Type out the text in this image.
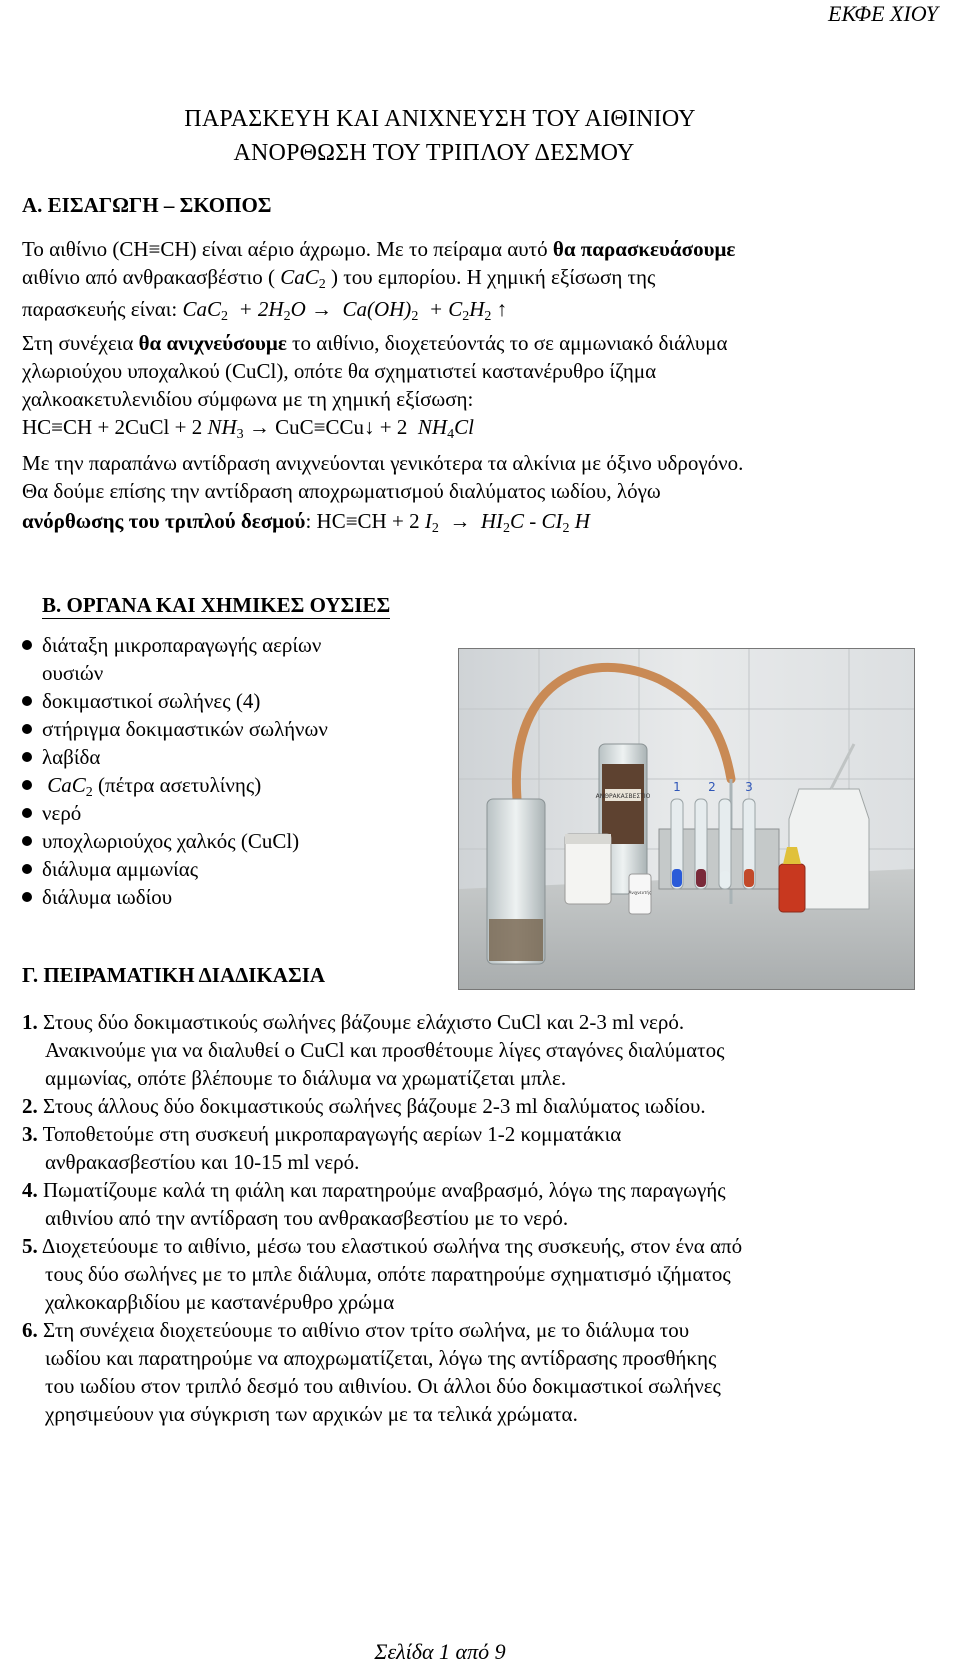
ΕΚΦΕ ΧΙΟΥ
ΠΑΡΑΣΚΕΥΗ ΚΑΙ ΑΝΙΧΝΕΥΣΗ ΤΟΥ ΑΙΘΙΝΙΟΥ
ΑΝΟΡΘΩΣΗ ΤΟΥ ΤΡΙΠΛΟΥ ΔΕΣΜΟΥ
Α. ΕΙΣΑΓΩΓΗ – ΣΚΟΠΟΣ
Το αιθίνιο (CH≡CH) είναι αέριο άχρωμο. Με το πείραμα αυτό θα παρασκευάσουμε
αιθίνιο από ανθρακασβέστιο ( CaC$_2$ ) του εμπορίου. Η χημική εξίσωση της
παρασκευής είναι: $CaC_2 + 2H_2O \to Ca(OH)_2 + C_2H_2$ ↑
Στη συνέχεια θα ανιχνεύσουμε το αιθίνιο, διοχετεύοντάς το σε αμμωνιακό διάλυμα
χλωριούχου υποχαλκού (CuCl), οπότε θα σχηματιστεί καστανέρυθρο ίζημα
χαλκοακετυλενιδίου σύμφωνα με τη χημική εξίσωση:
HC≡CH + 2CuCl + 2 $NH_3$ → CuC≡CCu↓ + 2  $NH_4Cl$
Με την παραπάνω αντίδραση ανιχνεύονται γενικότερα τα αλκίνια με όξινο υδρογόνο.
Θα δούμε επίσης την αντίδραση αποχρωματισμού διαλύματος ιωδίου, λόγω
ανόρθωσης του τριπλού δεσμού: HC≡CH + 2 $I_2 \to HI_2C - CI_2$ H
Β. ΟΡΓΑΝΑ ΚΑΙ ΧΗΜΙΚΕΣ ΟΥΣΙΕΣ
διάταξη μικροπαραγωγής αερίων
ουσιών
δοκιμαστικοί σωλήνες (4)
στήριγμα δοκιμαστικών σωλήνων
λαβίδα
CaC$_2$ (πέτρα ασετυλίνης)
νερό
υποχλωριούχος χαλκός (CuCl)
διάλυμα αμμωνίας
διάλυμα ιωδίου
ΑΝΘΡΑΚΑΣΒΕΣΤΙΟ
Ανιχνευτής
1 2 3
Γ. ΠΕΙΡΑΜΑΤΙΚΗ ΔΙΑΔΙΚΑΣΙΑ
1. Στους δύο δοκιμαστικούς σωλήνες βάζουμε ελάχιστο CuCl και 2-3 ml νερό.
Ανακινούμε για να διαλυθεί ο CuCl και προσθέτουμε λίγες σταγόνες διαλύματος
αμμωνίας, οπότε βλέπουμε το διάλυμα να χρωματίζεται μπλε.
2. Στους άλλους δύο δοκιμαστικούς σωλήνες βάζουμε 2-3 ml διαλύματος ιωδίου.
3. Τοποθετούμε στη συσκευή μικροπαραγωγής αερίων 1-2 κομματάκια
ανθρακασβεστίου και 10-15 ml νερό.
4. Πωματίζουμε καλά τη φιάλη και παρατηρούμε αναβρασμό, λόγω της παραγωγής
αιθινίου από την αντίδραση του ανθρακασβεστίου με το νερό.
5. Διοχετεύουμε το αιθίνιο, μέσω του ελαστικού σωλήνα της συσκευής, στον ένα από
τους δύο σωλήνες με το μπλε διάλυμα, οπότε παρατηρούμε σχηματισμό ιζήματος
χαλκοκαρβιδίου με καστανέρυθρο χρώμα
6. Στη συνέχεια διοχετεύουμε το αιθίνιο στον τρίτο σωλήνα, με το διάλυμα του
ιωδίου και παρατηρούμε να αποχρωματίζεται, λόγω της αντίδρασης προσθήκης
του ιωδίου στον τριπλό δεσμό του αιθινίου. Οι άλλοι δύο δοκιμαστικοί σωλήνες
χρησιμεύουν για σύγκριση των αρχικών με τα τελικά χρώματα.
Σελίδα 1 από 9
